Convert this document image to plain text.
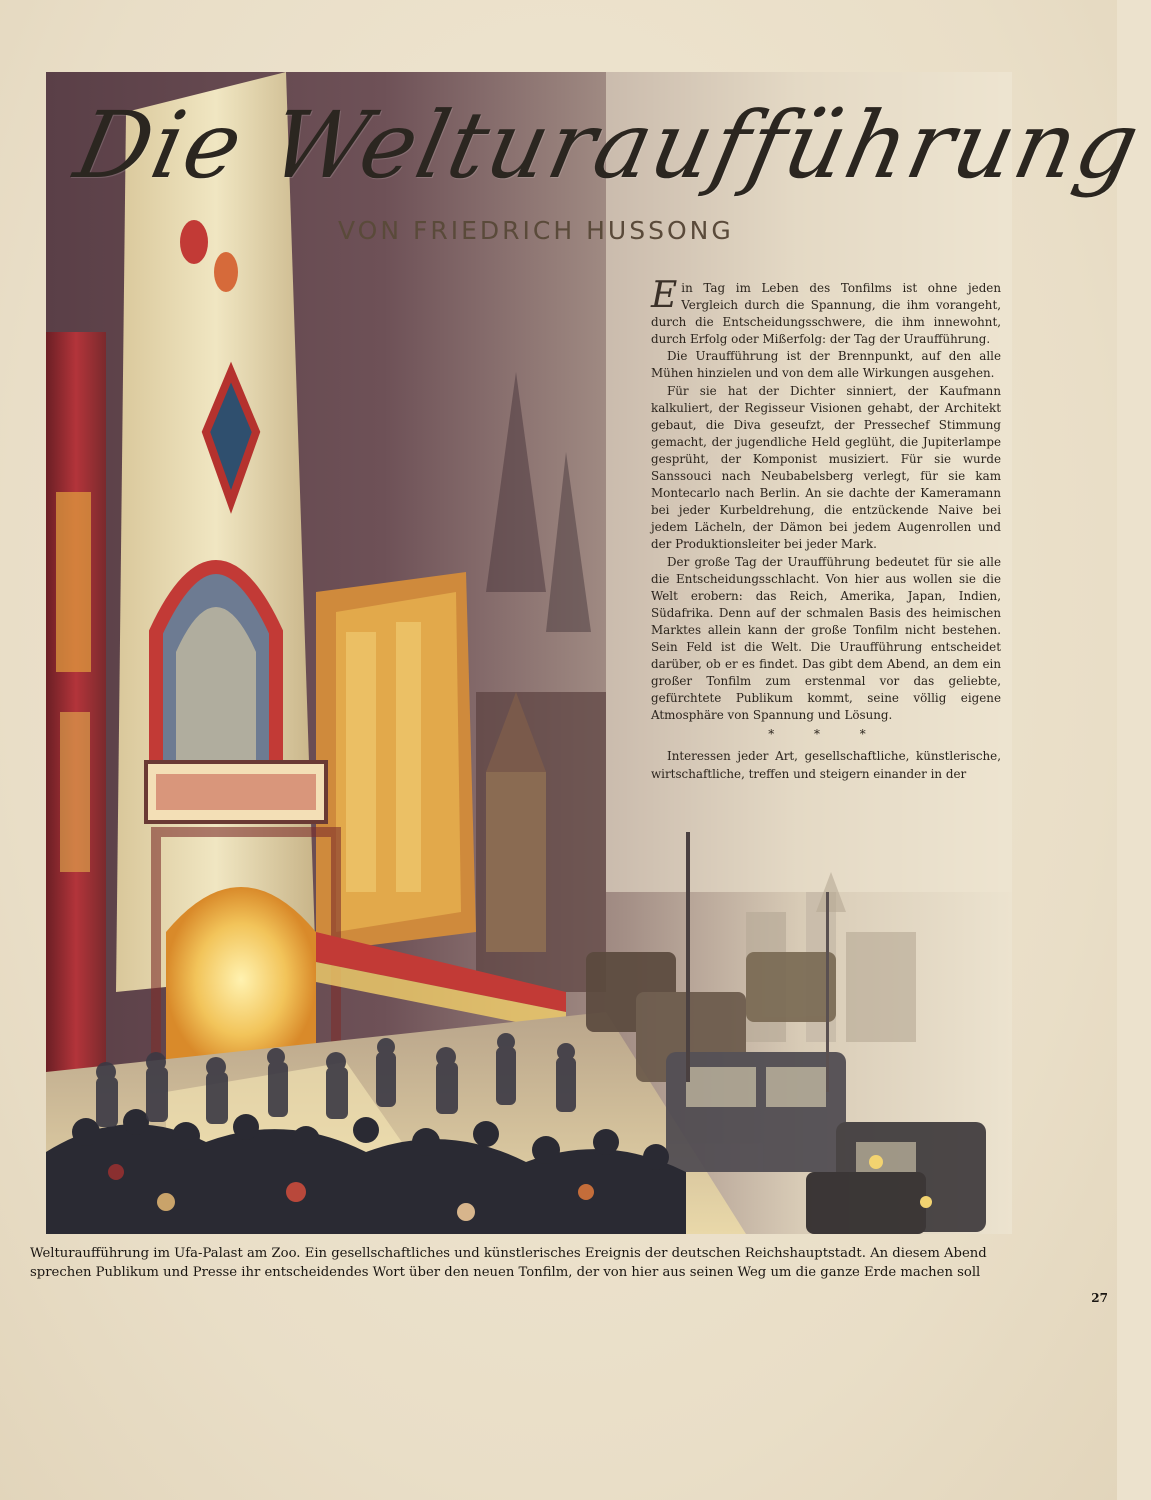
Die Welturaufführung
VON FRIEDRICH HUSSONG

Ein Tag im Leben des Tonfilms ist ohne jeden Vergleich durch die Spannung, die ihm vorangeht, durch die Entscheidungsschwere, die ihm innewohnt, durch Erfolg oder Mißerfolg: der Tag der Uraufführung.

Die Uraufführung ist der Brennpunkt, auf den alle Mühen hinzielen und von dem alle Wirkungen ausgehen.

Für sie hat der Dichter sinniert, der Kaufmann kalkuliert, der Regisseur Visionen gehabt, der Architekt gebaut, die Diva geseufzt, der Pressechef Stimmung gemacht, der jugendliche Held geglüht, die Jupiterlampe gesprüht, der Komponist musiziert. Für sie wurde Sanssouci nach Neubabelsberg verlegt, für sie kam Montecarlo nach Berlin. An sie dachte der Kameramann bei jeder Kurbeldrehung, die entzückende Naive bei jedem Lächeln, der Dämon bei jedem Augenrollen und der Produktionsleiter bei jeder Mark.

Der große Tag der Uraufführung bedeutet für sie alle die Entscheidungsschlacht. Von hier aus wollen sie die Welt erobern: das Reich, Amerika, Japan, Indien, Südafrika. Denn auf der schmalen Basis des heimischen Marktes allein kann der große Tonfilm nicht bestehen. Sein Feld ist die Welt. Die Uraufführung entscheidet darüber, ob er es findet. Das gibt dem Abend, an dem ein großer Tonfilm zum erstenmal vor das geliebte, gefürchtete Publikum kommt, seine völlig eigene Atmosphäre von Spannung und Lösung.

* * *

Interessen jeder Art, gesellschaftliche, künstlerische, wirtschaftliche, treffen und steigern einander in der

Welturaufführung im Ufa-Palast am Zoo. Ein gesellschaftliches und künstlerisches Ereignis der deutschen Reichshauptstadt. An diesem Abend

sprechen Publikum und Presse ihr entscheidendes Wort über den neuen Tonfilm, der von hier aus seinen Weg um die ganze Erde machen soll

27
